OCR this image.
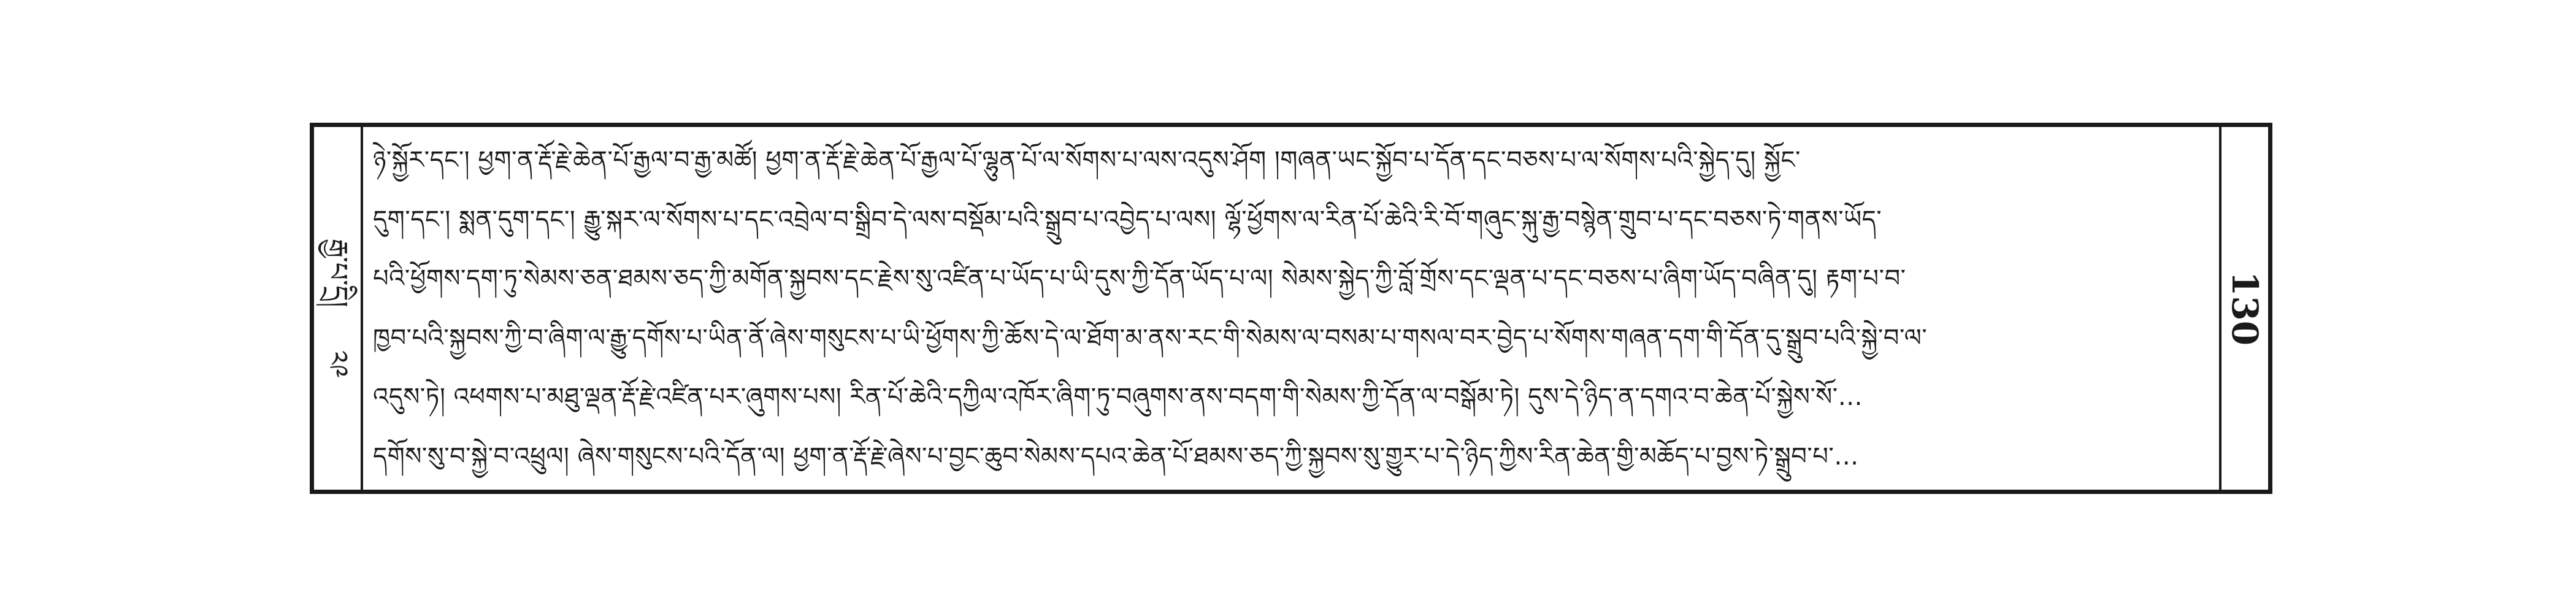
རྒྱ་པ་དྲི།
༢༩
ཉེ་སྐྱོར་དང་། ཕྱག་ན་རྡོ་རྗེ་ཆེན་པོ་རྒྱལ་བ་རྒྱ་མཚོ། ཕྱག་ན་རྡོ་རྗེ་ཆེན་པོ་རྒྱལ་པོ་ལྷུན་པོ་ལ་སོགས་པ་ལས་འདུས་ཤོག །གཞན་ཡང་སྐྱོབ་པ་དོན་དང་བཅས་པ་ལ་སོགས་པའི་སྐྱེད་དུ། སྐྱོང་
དུག་དང་། སྨན་དུག་དང་། རྒྱུ་སྐར་ལ་སོགས་པ་དང་འབྲེལ་བ་སྒྲིབ་དེ་ལས་བསྡོམ་པའི་སྒྲུབ་པ་འབྱེད་པ་ལས། ལྷོ་ཕྱོགས་ལ་རིན་པོ་ཆེའི་རི་བོ་གཞུང་སྐུ་རྒྱ་བསྙེན་གྲུབ་པ་དང་བཅས་ཏེ་གནས་ཡོད་
པའི་ཕྱོགས་དག་ཏུ་སེམས་ཅན་ཐམས་ཅད་ཀྱི་མགོན་སྐྱབས་དང་རྗེས་སུ་འཛིན་པ་ཡོད་པ་ཡི་དུས་ཀྱི་དོན་ཡོད་པ་ལ། སེམས་སྐྱེད་ཀྱི་བློ་གྲོས་དང་ལྡན་པ་དང་བཅས་པ་ཞིག་ཡོད་བཞིན་དུ། རྟག་པ་བ་
ཁྱབ་པའི་སྐྱབས་ཀྱི་བ་ཞིག་ལ་རྒྱུ་དགོས་པ་ཡིན་ནོ་ཞེས་གསུངས་པ་ཡི་ཕྱོགས་ཀྱི་ཆོས་དེ་ལ་ཐོག་མ་ནས་རང་གི་སེམས་ལ་བསམ་པ་གསལ་བར་བྱེད་པ་སོགས་གཞན་དག་གི་དོན་དུ་སྒྲུབ་པའི་སྐྱེ་བ་ལ་
འདུས་ཏེ། འཕགས་པ་མཐུ་ལྡན་རྡོ་རྗེ་འཛིན་པར་ཞུགས་པས། རིན་པོ་ཆེའི་དཀྱིལ་འཁོར་ཞིག་ཏུ་བཞུགས་ནས་བདག་གི་སེམས་ཀྱི་དོན་ལ་བསྒོམ་ཏེ། དུས་དེ་ཉིད་ན་དགའ་བ་ཆེན་པོ་སྐྱེས་སོ་…
དགོས་སུ་བ་སྐྱེ་བ་འཕྲུལ། ཞེས་གསུངས་པའི་དོན་ལ། ཕྱག་ན་རྡོ་རྗེ་ཞེས་པ་བྱང་ཆུབ་སེམས་དཔའ་ཆེན་པོ་ཐམས་ཅད་ཀྱི་སྐྱབས་སུ་གྱུར་པ་དེ་ཉིད་ཀྱིས་རིན་ཆེན་གྱི་མཆོད་པ་བྱས་ཏེ་སྒྲུབ་པ་…
130
